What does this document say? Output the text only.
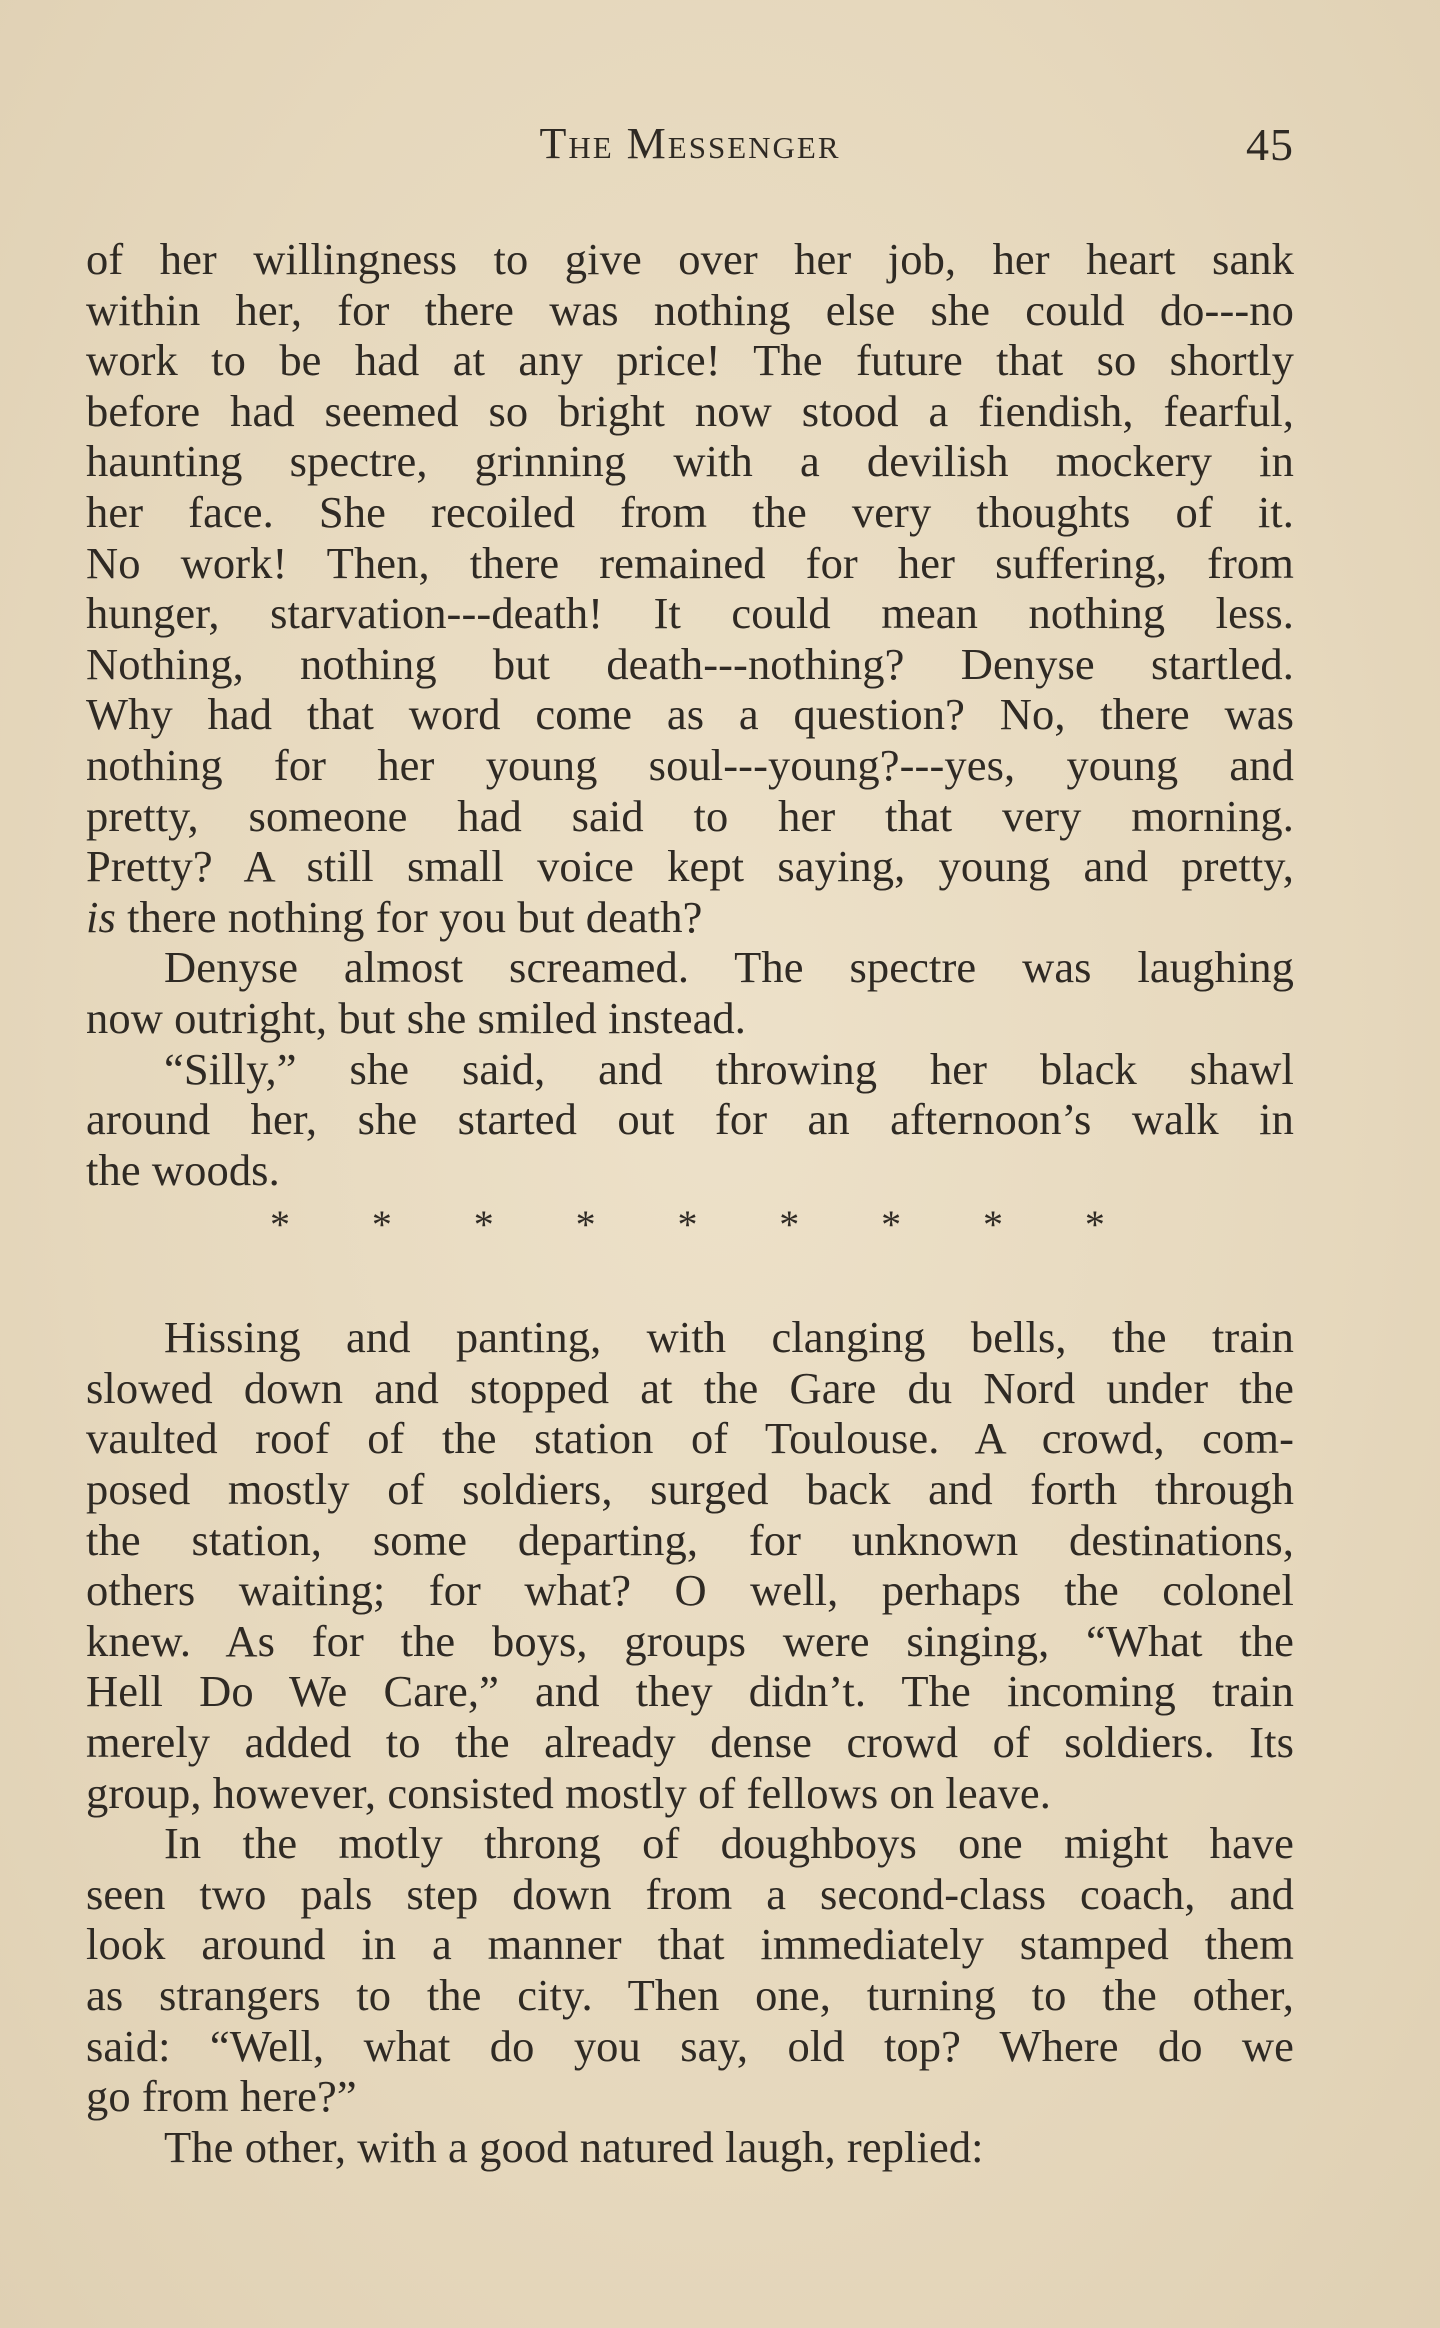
The Messenger	45

of her willingness to give over her job, her heart sank
within her, for there was nothing else she could do---no
work to be had at any price! The future that so shortly
before had seemed so bright now stood a fiendish, fearful,
haunting spectre, grinning with a devilish mockery in
her face. She recoiled from the very thoughts of it.
No work! Then, there remained for her suffering, from
hunger, starvation---death! It could mean nothing less.
Nothing, nothing but death---nothing? Denyse startled.
Why had that word come as a question? No, there was
nothing for her young soul---young?---yes, young and
pretty, someone had said to her that very morning.
Pretty? A still small voice kept saying, young and pretty,
is there nothing for you but death?

Denyse almost screamed. The spectre was laughing
now outright, but she smiled instead.

“Silly,” she said, and throwing her black shawl
around her, she started out for an afternoon’s walk in
the woods.

* * * * * * * * *

Hissing and panting, with clanging bells, the train
slowed down and stopped at the Gare du Nord under the
vaulted roof of the station of Toulouse. A crowd, com-
posed mostly of soldiers, surged back and forth through
the station, some departing, for unknown destinations,
others waiting; for what? O well, perhaps the colonel
knew. As for the boys, groups were singing, “What the
Hell Do We Care,” and they didn’t. The incoming train
merely added to the already dense crowd of soldiers. Its
group, however, consisted mostly of fellows on leave.

In the motly throng of doughboys one might have
seen two pals step down from a second-class coach, and
look around in a manner that immediately stamped them
as strangers to the city. Then one, turning to the other,
said: “Well, what do you say, old top? Where do we
go from here?”

The other, with a good natured laugh, replied:
